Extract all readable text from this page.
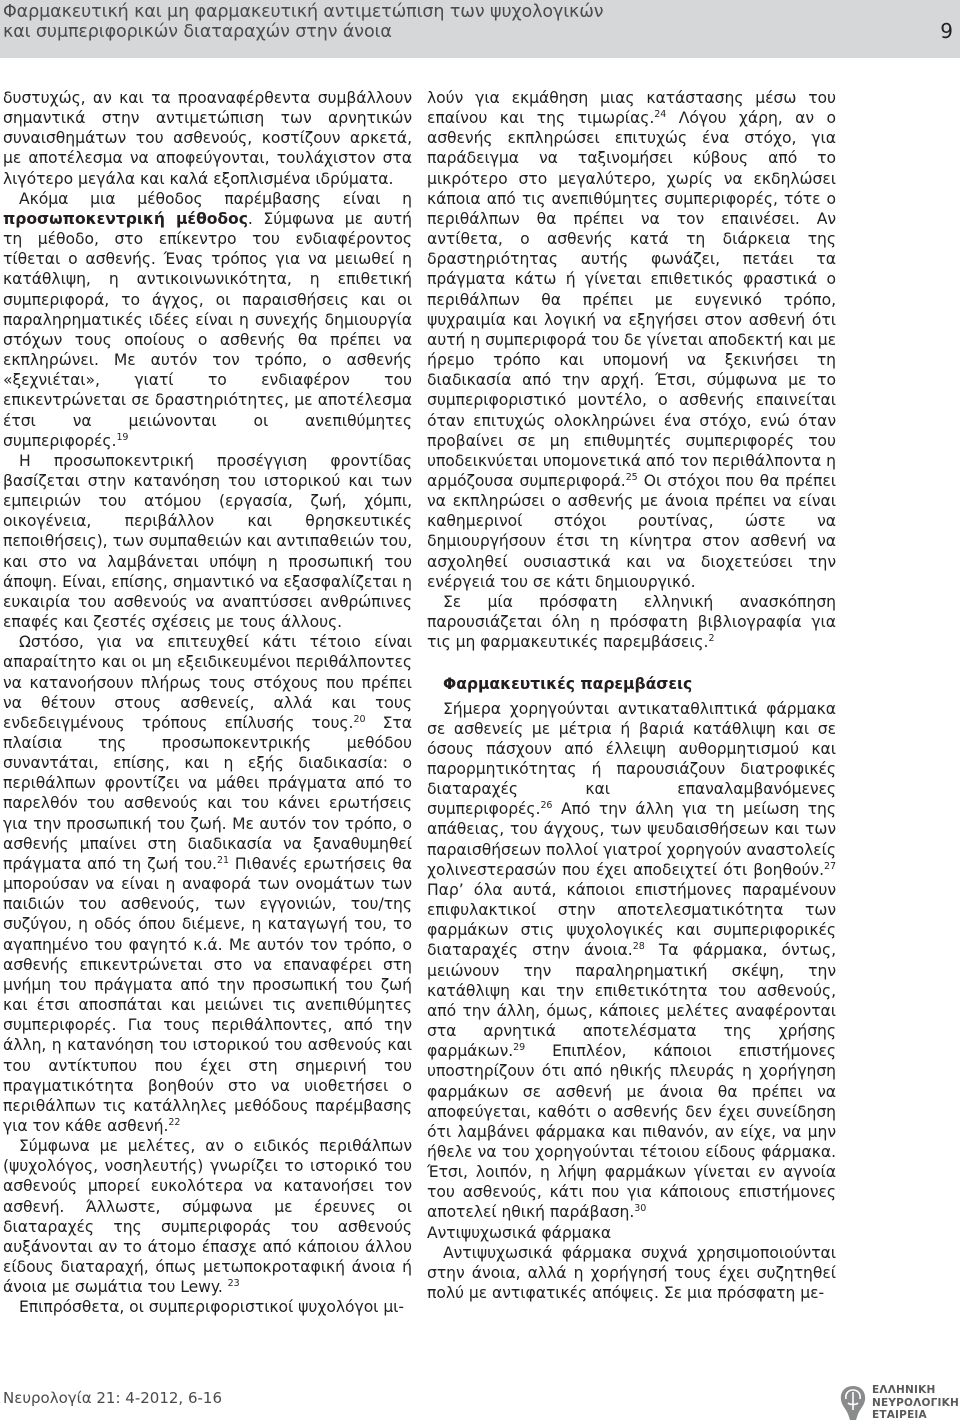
Φαρμακευτική και μη φαρμακευτική αντιμετώπιση των ψυχολογικών
και συμπεριφορικών διαταραχών στην άνοια	9

δυστυχώς, αν και τα προαναφέρθεντα συμβάλλουν σημαντικά στην αντιμετώπιση των αρνητικών συναισθημάτων του ασθενούς, κοστίζουν αρκετά, με αποτέλεσμα να αποφεύγονται, τουλάχιστον στα λιγότερο μεγάλα και καλά εξοπλισμένα ιδρύματα.

Ακόμα μια μέθοδος παρέμβασης είναι η προσωποκεντρική μέθοδος. Σύμφωνα με αυτή τη μέθοδο, στο επίκεντρο του ενδιαφέροντος τίθεται ο ασθενής. Ένας τρόπος για να μειωθεί η κατάθλιψη, η αντικοινωνικότητα, η επιθετική συμπεριφορά, το άγχος, οι παραισθήσεις και οι παραληρηματικές ιδέες είναι η συνεχής δημιουργία στόχων τους οποίους ο ασθενής θα πρέπει να εκπληρώνει. Με αυτόν τον τρόπο, ο ασθενής «ξεχνιέται», γιατί το ενδιαφέρον του επικεντρώνεται σε δραστηριότητες, με αποτέλεσμα έτσι να μειώνονται οι ανεπιθύμητες συμπεριφορές.$^{19}$

Η προσωποκεντρική προσέγγιση φροντίδας βασίζεται στην κατανόηση του ιστορικού και των εμπειριών του ατόμου (εργασία, ζωή, χόμπι, οικογένεια, περιβάλλον και θρησκευτικές πεποιθήσεις), των συμπαθειών και αντιπαθειών του, και στο να λαμβάνεται υπόψη η προσωπική του άποψη. Είναι, επίσης, σημαντικό να εξασφαλίζεται η ευκαιρία του ασθενούς να αναπτύσσει ανθρώπινες επαφές και ζεστές σχέσεις με τους άλλους.

Ωστόσο, για να επιτευχθεί κάτι τέτοιο είναι απαραίτητο και οι μη εξειδικευμένοι περιθάλποντες να κατανοήσουν πλήρως τους στόχους που πρέπει να θέτουν στους ασθενείς, αλλά και τους ενδεδειγμένους τρόπους επίλυσής τους.$^{20}$ Στα πλαίσια της προσωποκεντρικής μεθόδου συναντάται, επίσης, και η εξής διαδικασία: ο περιθάλπων φροντίζει να μάθει πράγματα από το παρελθόν του ασθενούς και του κάνει ερωτήσεις για την προσωπική του ζωή. Με αυτόν τον τρόπο, ο ασθενής μπαίνει στη διαδικασία να ξαναθυμηθεί πράγματα από τη ζωή του.$^{21}$ Πιθανές ερωτήσεις θα μπορούσαν να είναι η αναφορά των ονομάτων των παιδιών του ασθενούς, των εγγονιών, του/της συζύγου, η οδός όπου διέμενε, η καταγωγή του, το αγαπημένο του φαγητό κ.ά. Με αυτόν τον τρόπο, ο ασθενής επικεντρώνεται στο να επαναφέρει στη μνήμη του πράγματα από την προσωπική του ζωή και έτσι αποσπάται και μειώνει τις ανεπιθύμητες συμπεριφορές. Για τους περιθάλποντες, από την άλλη, η κατανόηση του ιστορικού του ασθενούς και του αντίκτυπου που έχει στη σημερινή του πραγματικότητα βοηθούν στο να υιοθετήσει ο περιθάλπων τις κατάλληλες μεθόδους παρέμβασης για τον κάθε ασθενή.$^{22}$

Σύμφωνα με μελέτες, αν ο ειδικός περιθάλπων (ψυχολόγος, νοσηλευτής) γνωρίζει το ιστορικό του ασθενούς μπορεί ευκολότερα να κατανοήσει τον ασθενή. Άλλωστε, σύμφωνα με έρευνες οι διαταραχές της συμπεριφοράς του ασθενούς αυξάνονται αν το άτομο έπασχε από κάποιου άλλου είδους διαταραχή, όπως μετωποκροταφική άνοια ή άνοια με σωμάτια του Lewy. $^{23}$

Επιπρόσθετα, οι συμπεριφοριστικοί ψυχολόγοι μι-

λούν για εκμάθηση μιας κατάστασης μέσω του επαίνου και της τιμωρίας.$^{24}$ Λόγου χάρη, αν ο ασθενής εκπληρώσει επιτυχώς ένα στόχο, για παράδειγμα να ταξινομήσει κύβους από το μικρότερο στο μεγαλύτερο, χωρίς να εκδηλώσει κάποια από τις ανεπιθύμητες συμπεριφορές, τότε ο περιθάλπων θα πρέπει να τον επαινέσει. Αν αντίθετα, ο ασθενής κατά τη διάρκεια της δραστηριότητας αυτής φωνάζει, πετάει τα πράγματα κάτω ή γίνεται επιθετικός φραστικά ο περιθάλπων θα πρέπει με ευγενικό τρόπο, ψυχραιμία και λογική να εξηγήσει στον ασθενή ότι αυτή η συμπεριφορά του δε γίνεται αποδεκτή και με ήρεμο τρόπο και υπομονή να ξεκινήσει τη διαδικασία από την αρχή. Έτσι, σύμφωνα με το συμπεριφοριστικό μοντέλο, ο ασθενής επαινείται όταν επιτυχώς ολοκληρώνει ένα στόχο, ενώ όταν προβαίνει σε μη επιθυμητές συμπεριφορές του υποδεικνύεται υπομονετικά από τον περιθάλποντα η αρμόζουσα συμπεριφορά.$^{25}$ Οι στόχοι που θα πρέπει να εκπληρώσει ο ασθενής με άνοια πρέπει να είναι καθημερινοί στόχοι ρουτίνας, ώστε να δημιουργήσουν έτσι τη κίνητρα στον ασθενή να ασχοληθεί ουσιαστικά και να διοχετεύσει την ενέργειά του σε κάτι δημιουργικό.

Σε μία πρόσφατη ελληνική ανασκόπηση παρουσιάζεται όλη η πρόσφατη βιβλιογραφία για τις μη φαρμακευτικές παρεμβάσεις.$^2$

Φαρμακευτικές παρεμβάσεις

Σήμερα χορηγούνται αντικαταθλιπτικά φάρμακα σε ασθενείς με μέτρια ή βαριά κατάθλιψη και σε όσους πάσχουν από έλλειψη αυθορμητισμού και παρορμητικότητας ή παρουσιάζουν διατροφικές διαταραχές και επαναλαμβανόμενες συμπεριφορές.$^{26}$ Από την άλλη για τη μείωση της απάθειας, του άγχους, των ψευδαισθήσεων και των παραισθήσεων πολλοί γιατροί χορηγούν αναστολείς χολινεστερασών που έχει αποδειχτεί ότι βοηθούν.$^{27}$ Παρ’ όλα αυτά, κάποιοι επιστήμονες παραμένουν επιφυλακτικοί στην αποτελεσματικότητα των φαρμάκων στις ψυχολογικές και συμπεριφορικές διαταραχές στην άνοια.$^{28}$ Τα φάρμακα, όντως, μειώνουν την παραληρηματική σκέψη, την κατάθλιψη και την επιθετικότητα του ασθενούς, από την άλλη, όμως, κάποιες μελέτες αναφέρονται στα αρνητικά αποτελέσματα της χρήσης φαρμάκων.$^{29}$ Επιπλέον, κάποιοι επιστήμονες υποστηρίζουν ότι από ηθικής πλευράς η χορήγηση φαρμάκων σε ασθενή με άνοια θα πρέπει να αποφεύγεται, καθότι ο ασθενής δεν έχει συνείδηση ότι λαμβάνει φάρμακα και πιθανόν, αν είχε, να μην ήθελε να του χορηγούνται τέτοιου είδους φάρμακα. Έτσι, λοιπόν, η λήψη φαρμάκων γίνεται εν αγνοία του ασθενούς, κάτι που για κάποιους επιστήμονες αποτελεί ηθική παράβαση.$^{30}$

Αντιψυχωσικά φάρμακα

Αντιψυχωσικά φάρμακα συχνά χρησιμοποιούνται στην άνοια, αλλά η χορήγησή τους έχει συζητηθεί πολύ με αντιφατικές απόψεις. Σε μια πρόσφατη με-

Νευρολογία 21: 4-2012, 6-16	ΕΛΛΗΝΙΚΗ
ΝΕΥΡΟΛΟΓΙΚΗ
ΕΤΑΙΡΕΙΑ
